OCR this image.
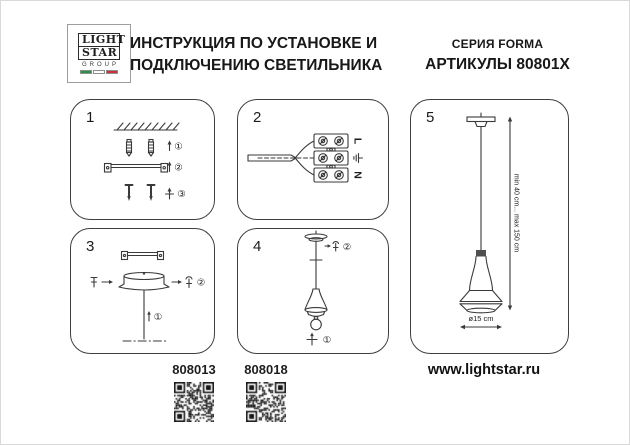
LIGHT
STAR
GROUP
ИНСТРУКЦИЯ ПО УСТАНОВКЕ И
ПОДКЛЮЧЕНИЮ СВЕТИЛЬНИКА
СЕРИЯ FORMA
АРТИКУЛЫ 80801X
1
①
②
③
2
L
N
3
①
②
4	②
①
5
min 40 cm... max 150 cm
ø15 cm
808013	808018	www.lightstar.ru
